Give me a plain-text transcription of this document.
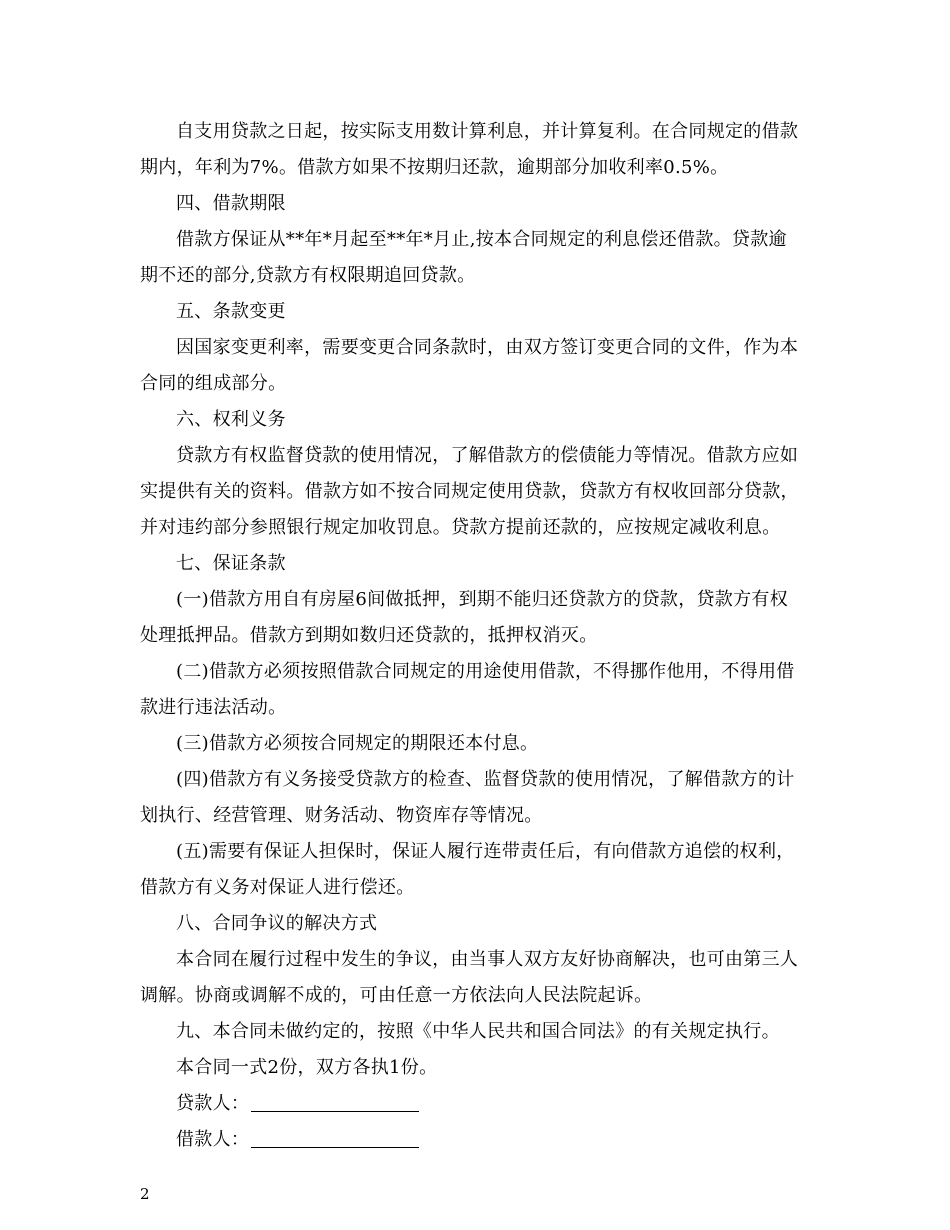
自支用贷款之日起，按实际支用数计算利息，并计算复利。在合同规定的借款
期内，年利为7%。借款方如果不按期归还款，逾期部分加收利率0.5%。
四、借款期限
借款方保证从**年*月起至**年*月止,按本合同规定的利息偿还借款。贷款逾
期不还的部分,贷款方有权限期追回贷款。
五、条款变更
因国家变更利率，需要变更合同条款时，由双方签订变更合同的文件，作为本
合同的组成部分。
六、权利义务
贷款方有权监督贷款的使用情况，了解借款方的偿债能力等情况。借款方应如
实提供有关的资料。借款方如不按合同规定使用贷款，贷款方有权收回部分贷款，
并对违约部分参照银行规定加收罚息。贷款方提前还款的，应按规定减收利息。
七、保证条款
(一)借款方用自有房屋6间做抵押，到期不能归还贷款方的贷款，贷款方有权
处理抵押品。借款方到期如数归还贷款的，抵押权消灭。
(二)借款方必须按照借款合同规定的用途使用借款，不得挪作他用，不得用借
款进行违法活动。
(三)借款方必须按合同规定的期限还本付息。
(四)借款方有义务接受贷款方的检查、监督贷款的使用情况，了解借款方的计
划执行、经营管理、财务活动、物资库存等情况。
(五)需要有保证人担保时，保证人履行连带责任后，有向借款方追偿的权利，
借款方有义务对保证人进行偿还。
八、合同争议的解决方式
本合同在履行过程中发生的争议，由当事人双方友好协商解决，也可由第三人
调解。协商或调解不成的，可由任意一方依法向人民法院起诉。
九、本合同未做约定的，按照《中华人民共和国合同法》的有关规定执行。
本合同一式2份，双方各执1份。
贷款人：
借款人：
2
